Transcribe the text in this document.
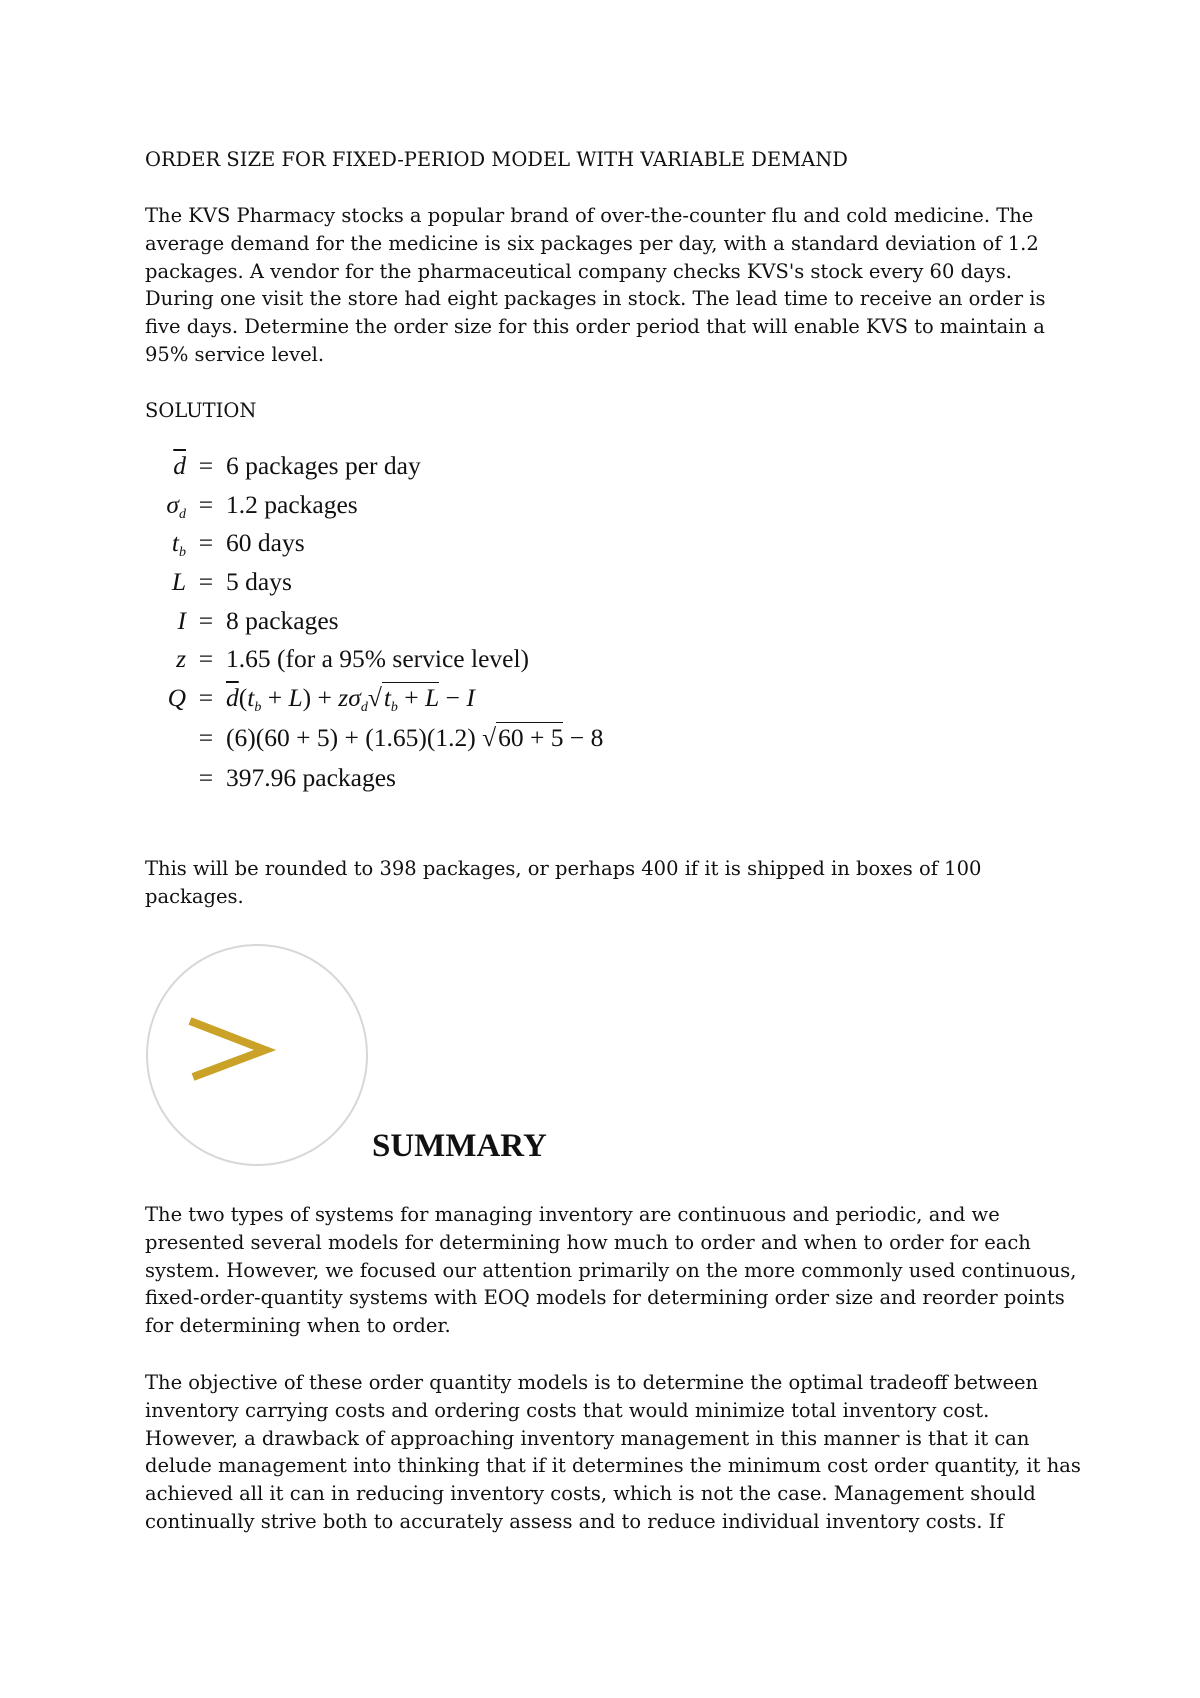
ORDER SIZE FOR FIXED-PERIOD MODEL WITH VARIABLE DEMAND

The KVS Pharmacy stocks a popular brand of over-the-counter flu and cold medicine. The average demand for the medicine is six packages per day, with a standard deviation of 1.2 packages. A vendor for the pharmaceutical company checks KVS's stock every 60 days. During one visit the store had eight packages in stock. The lead time to receive an order is five days. Determine the order size for this order period that will enable KVS to maintain a 95% service level.

SOLUTION

$\overline{d} = 6$ packages per day
$\sigma_d = 1.2$ packages
$t_b = 60$ days
L = 5 days
I = 8 packages
z = 1.65 (for a 95% service level)
$Q = \overline{d}(t_b + L) + z\sigma_d√t_b + L - I$
= (6)(60 + 5) + (1.65)(1.2) √60 + 5 − 8
= 397.96 packages

This will be rounded to 398 packages, or perhaps 400 if it is shipped in boxes of 100 packages.

SUMMARY

The two types of systems for managing inventory are continuous and periodic, and we presented several models for determining how much to order and when to order for each system. However, we focused our attention primarily on the more commonly used continuous, fixed-order-quantity systems with EOQ models for determining order size and reorder points for determining when to order.

The objective of these order quantity models is to determine the optimal tradeoff between inventory carrying costs and ordering costs that would minimize total inventory cost. However, a drawback of approaching inventory management in this manner is that it can delude management into thinking that if it determines the minimum cost order quantity, it has achieved all it can in reducing inventory costs, which is not the case. Management should continually strive both to accurately assess and to reduce individual inventory costs. If
